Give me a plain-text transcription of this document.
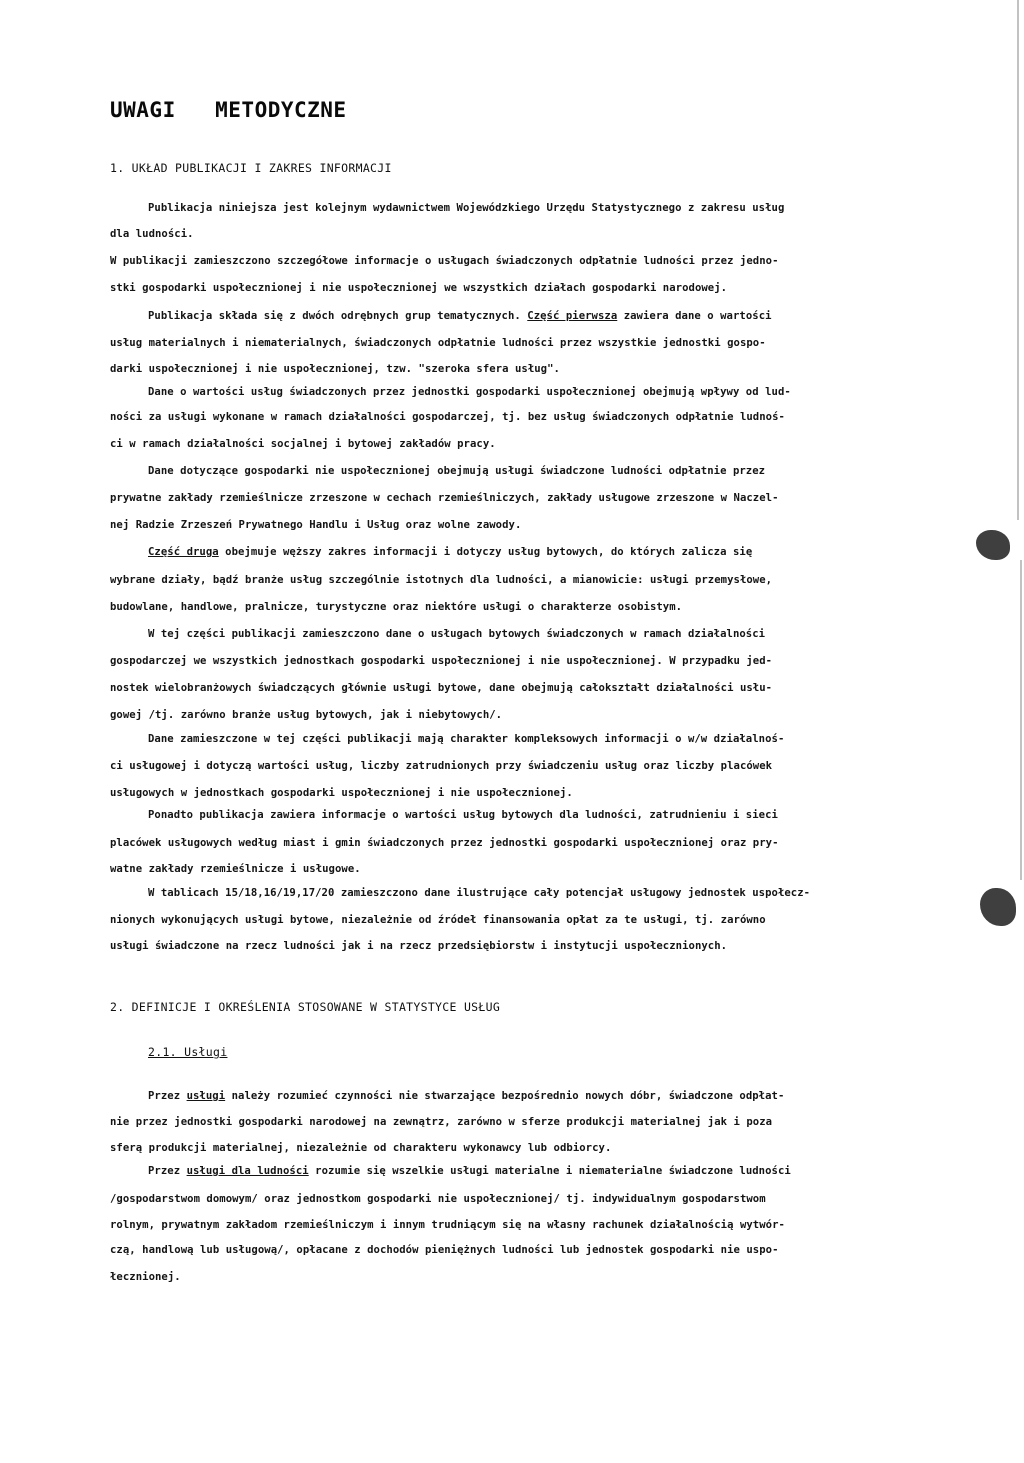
UWAGI   METODYCZNE
1. UKŁAD PUBLIKACJI I ZAKRES INFORMACJI
Publikacja niniejsza jest kolejnym wydawnictwem Wojewódzkiego Urzędu Statystycznego z zakresu usług
dla ludności.
W publikacji zamieszczono szczegółowe informacje o usługach świadczonych odpłatnie ludności przez jedno-
stki gospodarki uspołecznionej i nie uspołecznionej we wszystkich działach gospodarki narodowej.
Publikacja składa się z dwóch odrębnych grup tematycznych. Część pierwsza zawiera dane o wartości
usług materialnych i niematerialnych, świadczonych odpłatnie ludności przez wszystkie jednostki gospo-
darki uspołecznionej i nie uspołecznionej, tzw. "szeroka sfera usług".
Dane o wartości usług świadczonych przez jednostki gospodarki uspołecznionej obejmują wpływy od lud-
ności za usługi wykonane w ramach działalności gospodarczej, tj. bez usług świadczonych odpłatnie ludnoś-
ci w ramach działalności socjalnej i bytowej zakładów pracy.
Dane dotyczące gospodarki nie uspołecznionej obejmują usługi świadczone ludności odpłatnie przez
prywatne zakłady rzemieślnicze zrzeszone w cechach rzemieślniczych, zakłady usługowe zrzeszone w Naczel-
nej Radzie Zrzeszeń Prywatnego Handlu i Usług oraz wolne zawody.
Część druga obejmuje węższy zakres informacji i dotyczy usług bytowych, do których zalicza się
wybrane działy, bądź branże usług szczególnie istotnych dla ludności, a mianowicie: usługi przemysłowe,
budowlane, handlowe, pralnicze, turystyczne oraz niektóre usługi o charakterze osobistym.
W tej części publikacji zamieszczono dane o usługach bytowych świadczonych w ramach działalności
gospodarczej we wszystkich jednostkach gospodarki uspołecznionej i nie uspołecznionej. W przypadku jed-
nostek wielobranżowych świadczących głównie usługi bytowe, dane obejmują całokształt działalności usłu-
gowej /tj. zarówno branże usług bytowych, jak i niebytowych/.
Dane zamieszczone w tej części publikacji mają charakter kompleksowych informacji o w/w działalnoś-
ci usługowej i dotyczą wartości usług, liczby zatrudnionych przy świadczeniu usług oraz liczby placówek
usługowych w jednostkach gospodarki uspołecznionej i nie uspołecznionej.
Ponadto publikacja zawiera informacje o wartości usług bytowych dla ludności, zatrudnieniu i sieci
placówek usługowych według miast i gmin świadczonych przez jednostki gospodarki uspołecznionej oraz pry-
watne zakłady rzemieślnicze i usługowe.
W tablicach 15/18,16/19,17/20 zamieszczono dane ilustrujące cały potencjał usługowy jednostek uspołecz-
nionych wykonujących usługi bytowe, niezależnie od źródeł finansowania opłat za te usługi, tj. zarówno
usługi świadczone na rzecz ludności jak i na rzecz przedsiębiorstw i instytucji uspołecznionych.
2. DEFINICJE I OKREŚLENIA STOSOWANE W STATYSTYCE USŁUG
2.1. Usługi
Przez usługi należy rozumieć czynności nie stwarzające bezpośrednio nowych dóbr, świadczone odpłat-
nie przez jednostki gospodarki narodowej na zewnątrz, zarówno w sferze produkcji materialnej jak i poza
sferą produkcji materialnej, niezależnie od charakteru wykonawcy lub odbiorcy.
Przez usługi dla ludności rozumie się wszelkie usługi materialne i niematerialne świadczone ludności
/gospodarstwom domowym/ oraz jednostkom gospodarki nie uspołecznionej/ tj. indywidualnym gospodarstwom
rolnym, prywatnym zakładom rzemieślniczym i innym trudniącym się na własny rachunek działalnością wytwór-
czą, handlową lub usługową/, opłacane z dochodów pieniężnych ludności lub jednostek gospodarki nie uspo-
łecznionej.
